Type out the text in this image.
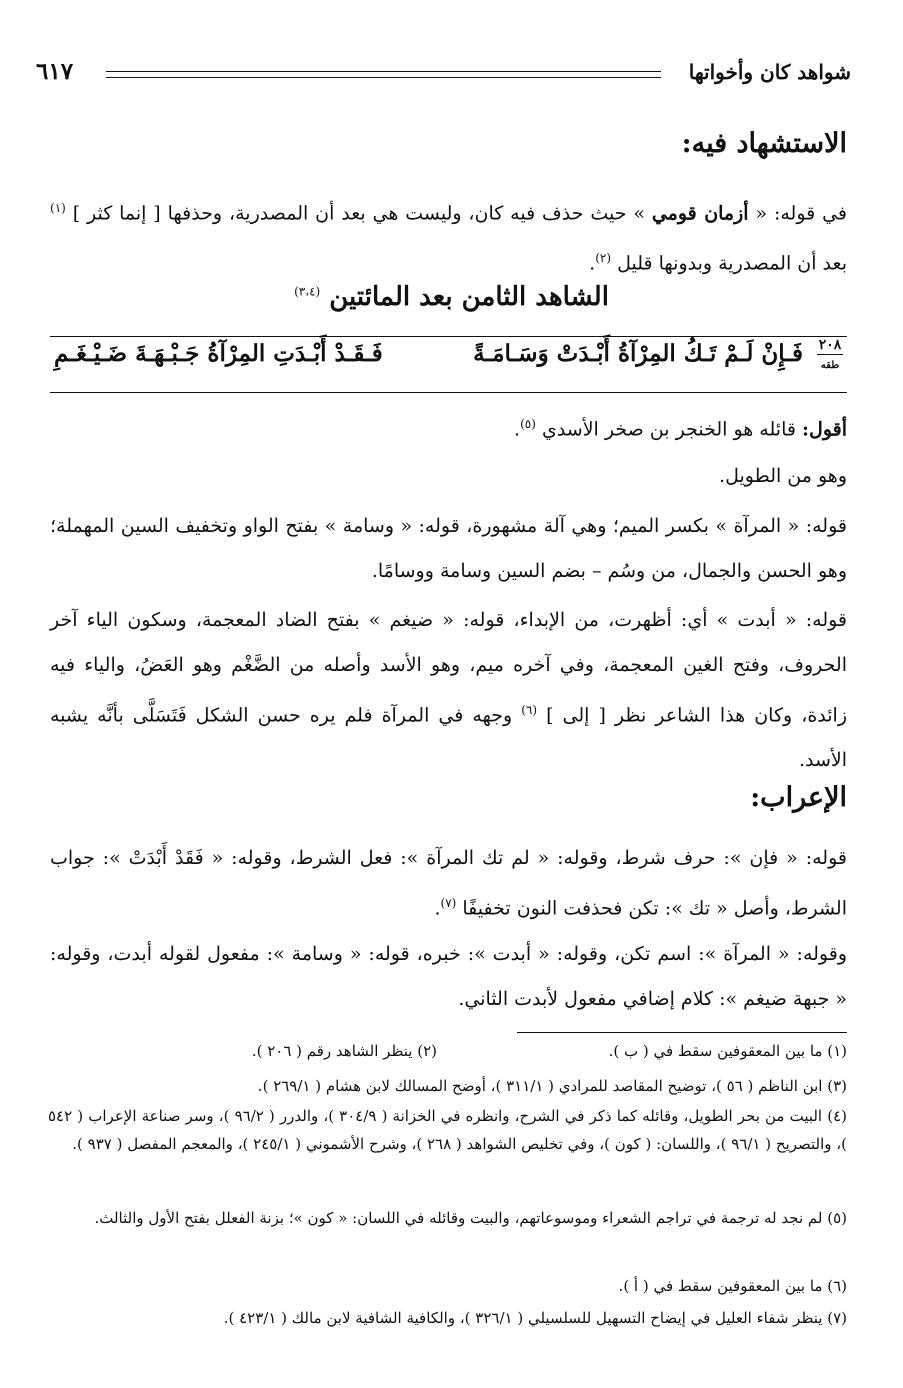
شواهد كان وأخواتها
٦١٧
الاستشهاد فيه:
في قوله: « أزمان قومي » حيث حذف فيه كان، وليست هي بعد أن المصدرية، وحذفها [ إنما كثر ] $^{(١)}$ بعد أن المصدرية وبدونها قليل $^{(٢)}$.
الشاهد الثامن بعد المائتين $^{(٣،٤)}$
٢٠٨
طقه
فَـإِنْ لَـمْ تَـكُ المِرْآةُ أَبْـدَتْ وَسَـامَـةً
فَـقَـدْ أَبْـدَتِ المِرْآةُ جَـبْـهَـةَ ضَـيْـغَـمِ
أقول: قائله هو الخنجر بن صخر الأسدي $^{(٥)}$.
وهو من الطويل.
قوله: « المرآة » بكسر الميم؛ وهي آلة مشهورة، قوله: « وسامة » بفتح الواو وتخفيف السين المهملة؛ وهو الحسن والجمال، من وسُم – بضم السين وسامة ووسامًا.
قوله: « أبدت » أي: أظهرت، من الإبداء، قوله: « ضيغم » بفتح الضاد المعجمة، وسكون الياء آخر الحروف، وفتح الغين المعجمة، وفي آخره ميم، وهو الأسد وأصله من الضَّغْم وهو العَضُ، والياء فيه زائدة، وكان هذا الشاعر نظر [ إلى ] $^{(٦)}$ وجهه في المرآة فلم يره حسن الشكل فَتَسَلَّى بأنَّه يشبه الأسد.
الإعراب:
قوله: « فإن »: حرف شرط، وقوله: « لم تك المرآة »: فعل الشرط، وقوله: « فَقَدْ أَبْدَتْ »: جواب الشرط، وأصل « تك »: تكن فحذفت النون تخفيفًا $^{(٧)}$.
وقوله: « المرآة »: اسم تكن، وقوله: « أبدت »: خبره، قوله: « وسامة »: مفعول لقوله أبدت، وقوله: « جبهة ضيغم »: كلام إضافي مفعول لأبدت الثاني.
(١) ما بين المعقوفين سقط في ( ب ).
(٢) ينظر الشاهد رقم ( ٢٠٦ ).
(٣) ابن الناظم ( ٥٦ )، توضيح المقاصد للمرادي ( ٣١١/١ )، أوضح المسالك لابن هشام ( ٢٦٩/١ ).
(٤) البيت من بحر الطويل، وقائله كما ذكر في الشرح، وانظره في الخزانة ( ٣٠٤/٩ )، والدرر ( ٩٦/٢ )، وسر صناعة الإعراب ( ٥٤٢ )، والتصريح ( ٩٦/١ )، واللسان: ( كون )، وفي تخليص الشواهد ( ٢٦٨ )، وشرح الأشموني ( ٢٤٥/١ )، والمعجم المفصل ( ٩٣٧ ).
(٥) لم نجد له ترجمة في تراجم الشعراء وموسوعاتهم، والبيت وقائله في اللسان: « كون »؛ بزنة الفعلل بفتح الأول والثالث.
(٦) ما بين المعقوفين سقط في ( أ ).
(٧) ينظر شفاء العليل في إيضاح التسهيل للسلسيلي ( ٣٢٦/١ )، والكافية الشافية لابن مالك ( ٤٢٣/١ ).
